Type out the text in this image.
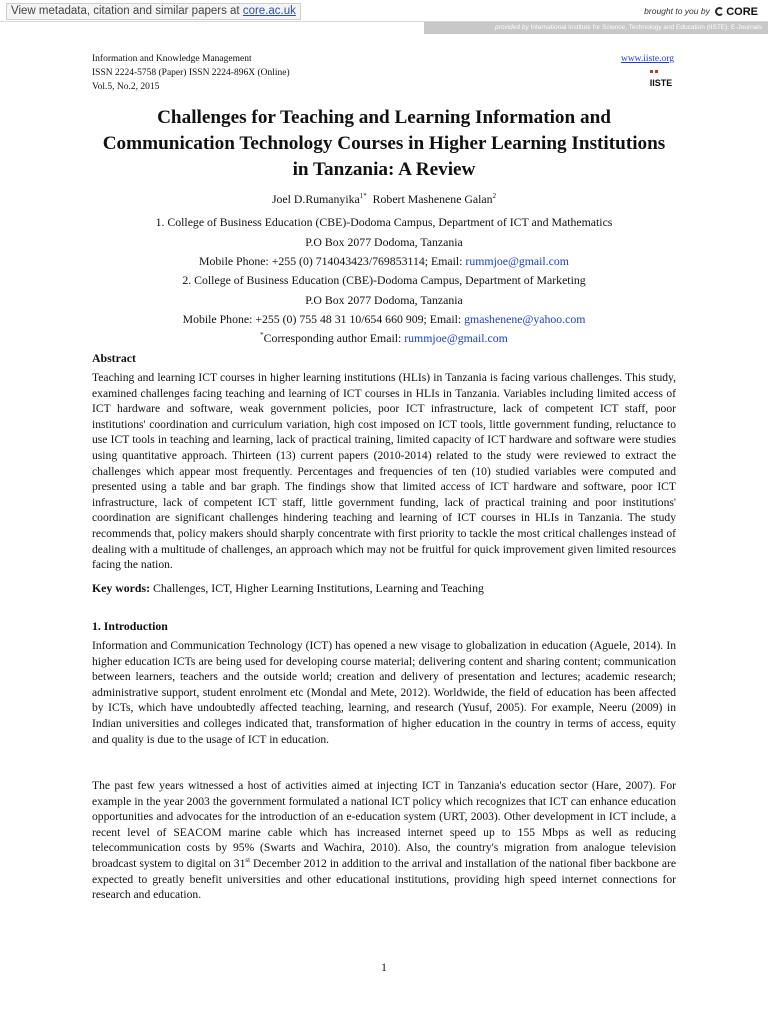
View metadata, citation and similar papers at core.ac.uk	brought to you by CORE
provided by International Institute for Science, Technology and Education (IISTE): E-Journals
Information and Knowledge Management
ISSN 2224-5758 (Paper) ISSN 2224-896X (Online)
Vol.5, No.2, 2015
www.iiste.org
IISTE
Challenges for Teaching and Learning Information and Communication Technology Courses in Higher Learning Institutions in Tanzania: A Review
Joel D.Rumanyika$^{1*}$ Robert Mashenene Galan$^2$
1. College of Business Education (CBE)-Dodoma Campus, Department of ICT and Mathematics
P.O Box 2077 Dodoma, Tanzania
Mobile Phone: +255 (0) 714043423/769853114; Email: rummjoe@gmail.com
2. College of Business Education (CBE)-Dodoma Campus, Department of Marketing
P.O Box 2077 Dodoma, Tanzania
Mobile Phone: +255 (0) 755 48 31 10/654 660 909; Email: gmashenene@yahoo.com
*Corresponding author Email: rummjoe@gmail.com
Abstract
Teaching and learning ICT courses in higher learning institutions (HLIs) in Tanzania is facing various challenges. This study, examined challenges facing teaching and learning of ICT courses in HLIs in Tanzania. Variables including limited access of ICT hardware and software, weak government policies, poor ICT infrastructure, lack of competent ICT staff, poor institutions' coordination and curriculum variation, high cost imposed on ICT tools, little government funding, reluctance to use ICT tools in teaching and learning, lack of practical training, limited capacity of ICT hardware and software were studies using quantitative approach. Thirteen (13) current papers (2010-2014) related to the study were reviewed to extract the challenges which appear most frequently. Percentages and frequencies of ten (10) studied variables were computed and presented using a table and bar graph. The findings show that limited access of ICT hardware and software, poor ICT infrastructure, lack of competent ICT staff, little government funding, lack of practical training and poor institutions' coordination are significant challenges hindering teaching and learning of ICT courses in HLIs in Tanzania. The study recommends that, policy makers should sharply concentrate with first priority to tackle the most critical challenges instead of dealing with a multitude of challenges, an approach which may not be fruitful for quick improvement given limited resources facing the nation.
Key words: Challenges, ICT, Higher Learning Institutions, Learning and Teaching
1. Introduction
Information and Communication Technology (ICT) has opened a new visage to globalization in education (Aguele, 2014). In higher education ICTs are being used for developing course material; delivering content and sharing content; communication between learners, teachers and the outside world; creation and delivery of presentation and lectures; academic research; administrative support, student enrolment etc (Mondal and Mete, 2012). Worldwide, the field of education has been affected by ICTs, which have undoubtedly affected teaching, learning, and research (Yusuf, 2005). For example, Neeru (2009) in Indian universities and colleges indicated that, transformation of higher education in the country in terms of access, equity and quality is due to the usage of ICT in education.
The past few years witnessed a host of activities aimed at injecting ICT in Tanzania's education sector (Hare, 2007). For example in the year 2003 the government formulated a national ICT policy which recognizes that ICT can enhance education opportunities and advocates for the introduction of an e-education system (URT, 2003). Other development in ICT include, a recent level of SEACOM marine cable which has increased internet speed up to 155 Mbps as well as reducing telecommunication costs by 95% (Swarts and Wachira, 2010). Also, the country's migration from analogue television broadcast system to digital on 31st December 2012 in addition to the arrival and installation of the national fiber backbone are expected to greatly benefit universities and other educational institutions, providing high speed internet connections for research and education.
1
